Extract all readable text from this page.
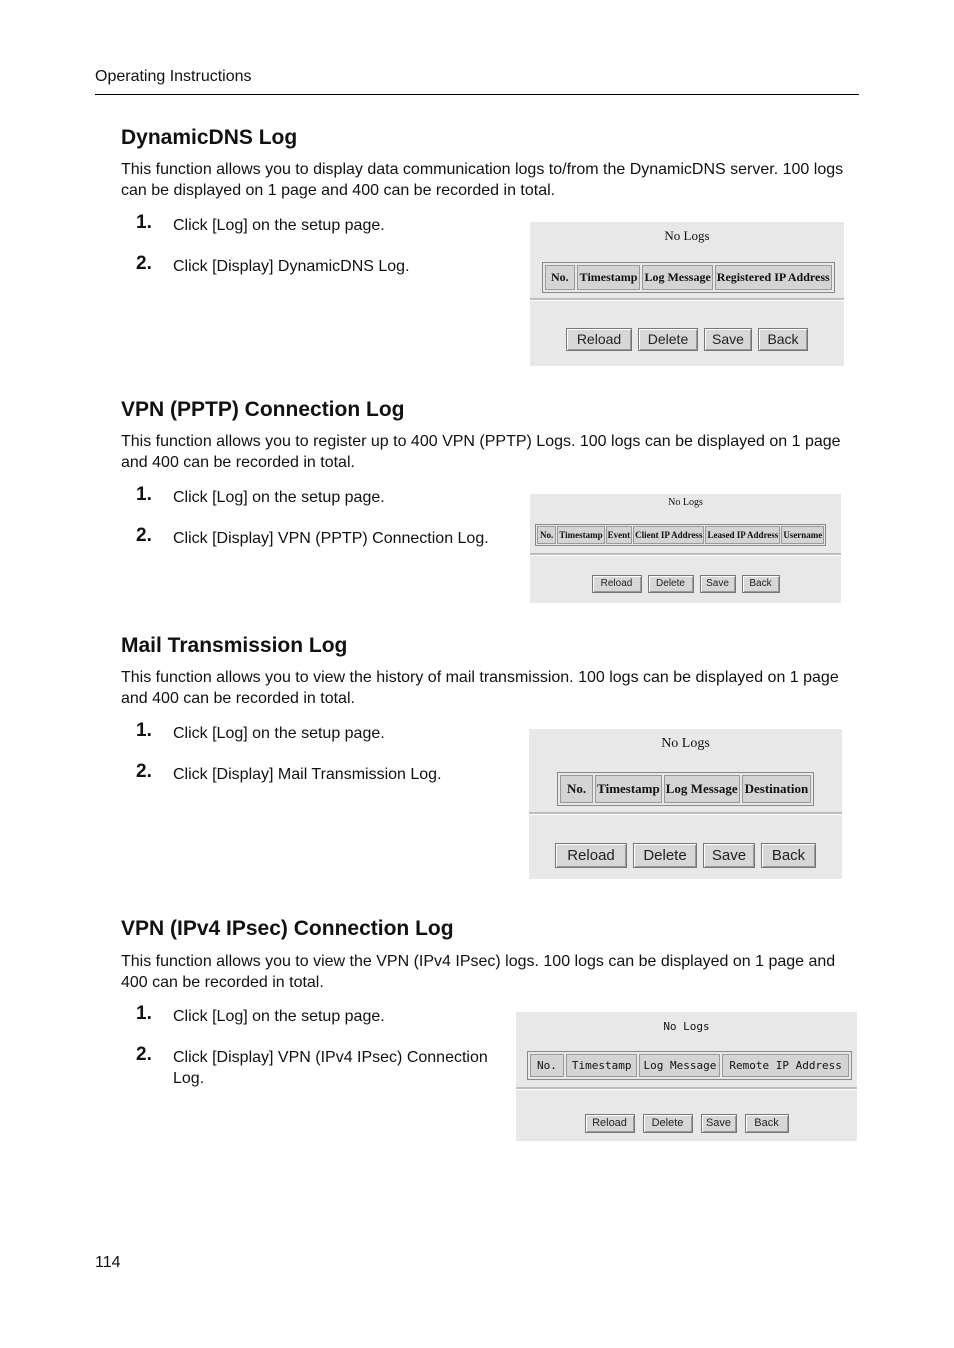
Operating Instructions
DynamicDNS Log
This function allows you to display data communication logs to/from the DynamicDNS server. 100 logs can be displayed on 1 page and 400 can be recorded in total.
1. Click [Log] on the setup page.
2. Click [Display] DynamicDNS Log.
No Logs
No.	Timestamp	Log Message	Registered IP Address
Reload	Delete	Save	Back
VPN (PPTP) Connection Log
This function allows you to register up to 400 VPN (PPTP) Logs. 100 logs can be displayed on 1 page and 400 can be recorded in total.
1. Click [Log] on the setup page.
2. Click [Display] VPN (PPTP) Connection Log.
No Logs
No.	Timestamp	Event	Client IP Address	Leased IP Address	Username
Reload	Delete	Save	Back
Mail Transmission Log
This function allows you to view the history of mail transmission. 100 logs can be displayed on 1 page and 400 can be recorded in total.
1. Click [Log] on the setup page.
2. Click [Display] Mail Transmission Log.
No Logs
No.	Timestamp	Log Message	Destination
Reload	Delete	Save	Back
VPN (IPv4 IPsec) Connection Log
This function allows you to view the VPN (IPv4 IPsec) logs. 100 logs can be displayed on 1 page and 400 can be recorded in total.
1. Click [Log] on the setup page.
2. Click [Display] VPN (IPv4 IPsec) Connection Log.
No Logs
No.	Timestamp	Log Message	Remote IP Address
Reload	Delete	Save	Back
114
